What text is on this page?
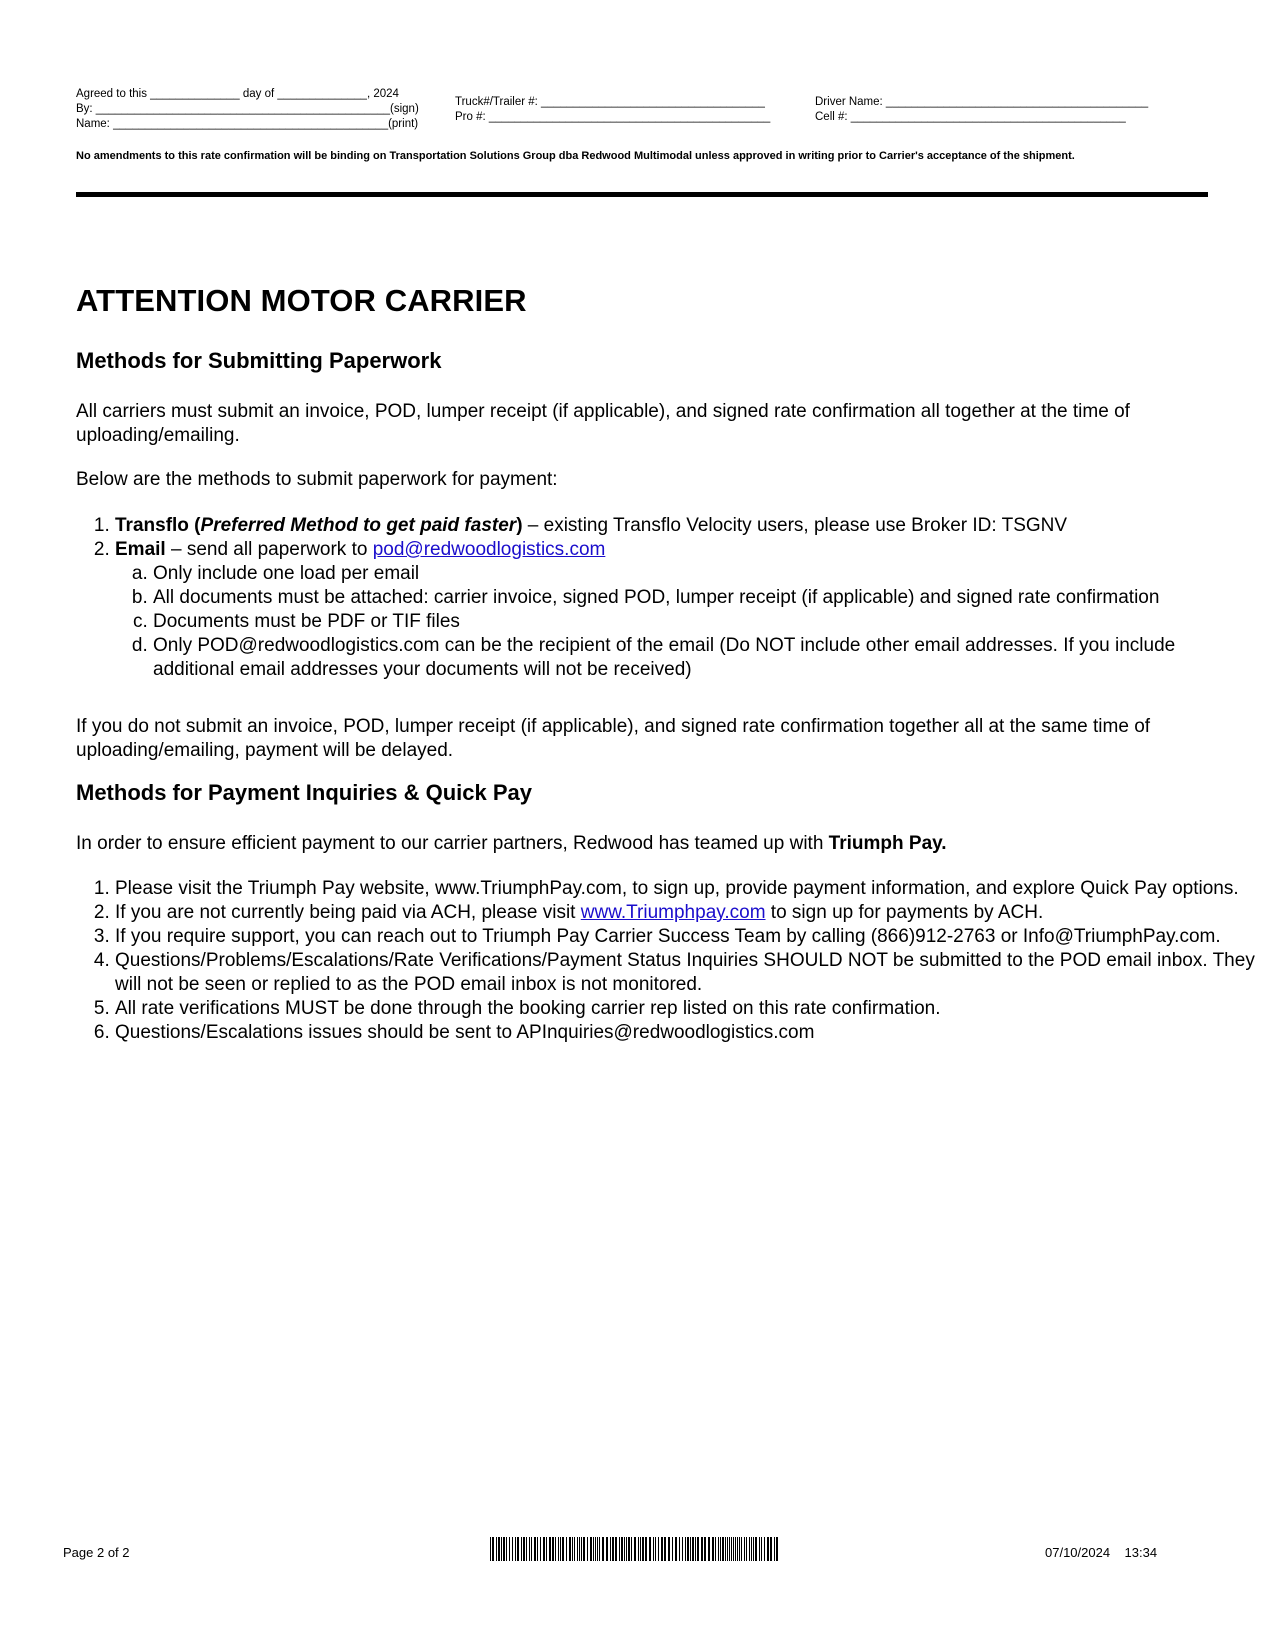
Agreed to this ______________ day of ______________, 2024
By: ______________________________________________(sign)
Name: ___________________________________________(print)
Truck#/Trailer #: ___________________________________
Pro #: ____________________________________________
Driver Name: _________________________________________
Cell #: ___________________________________________
No amendments to this rate confirmation will be binding on Transportation Solutions Group dba Redwood Multimodal unless approved in writing prior to Carrier's acceptance of the shipment.
ATTENTION MOTOR CARRIER
Methods for Submitting Paperwork

All carriers must submit an invoice, POD, lumper receipt (if applicable), and signed rate confirmation all together at the time of uploading/emailing.

Below are the methods to submit paperwork for payment:

1. Transflo (Preferred Method to get paid faster) – existing Transflo Velocity users, please use Broker ID: TSGNV
2. Email – send all paperwork to pod@redwoodlogistics.com
a. Only include one load per email
b. All documents must be attached: carrier invoice, signed POD, lumper receipt (if applicable) and signed rate confirmation
c. Documents must be PDF or TIF files
d. Only POD@redwoodlogistics.com can be the recipient of the email (Do NOT include other email addresses. If you include additional email addresses your documents will not be received)

If you do not submit an invoice, POD, lumper receipt (if applicable), and signed rate confirmation together all at the same time of uploading/emailing, payment will be delayed.

Methods for Payment Inquiries & Quick Pay

In order to ensure efficient payment to our carrier partners, Redwood has teamed up with Triumph Pay.

1. Please visit the Triumph Pay website, www.TriumphPay.com, to sign up, provide payment information, and explore Quick Pay options.
2. If you are not currently being paid via ACH, please visit www.Triumphpay.com to sign up for payments by ACH.
3. If you require support, you can reach out to Triumph Pay Carrier Success Team by calling (866)912-2763 or Info@TriumphPay.com.
4. Questions/Problems/Escalations/Rate Verifications/Payment Status Inquiries SHOULD NOT be submitted to the POD email inbox. They will not be seen or replied to as the POD email inbox is not monitored.
5. All rate verifications MUST be done through the booking carrier rep listed on this rate confirmation.
6. Questions/Escalations issues should be sent to APInquiries@redwoodlogistics.com
Page 2 of 2	07/10/2024 13:34
